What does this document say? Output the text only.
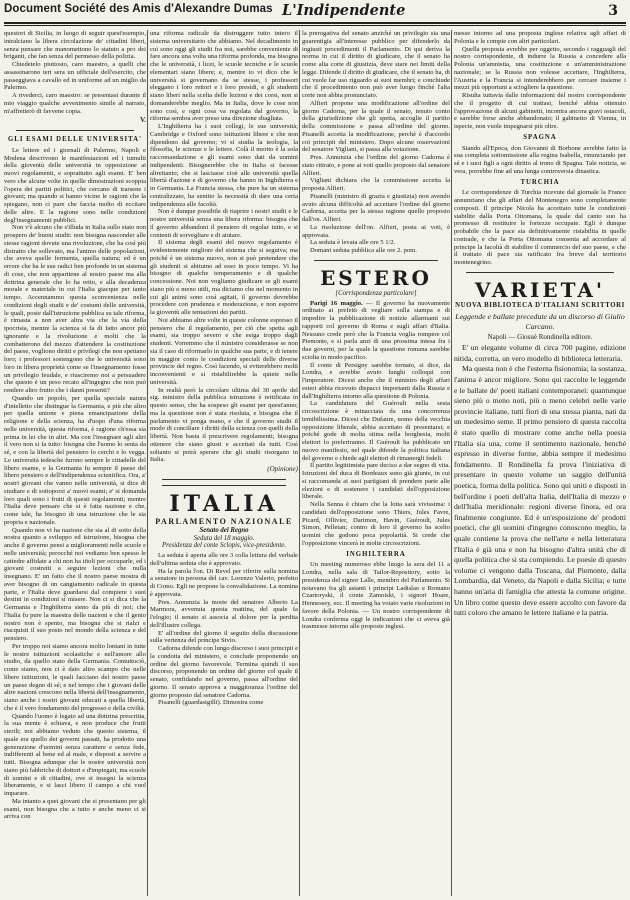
Document Société des Amis d'Alexandre Dumas L'Indipendente	3

questori di Sicilia, in luogo di seguir quest'esempio, intralciano la libera circolazione de' cittadini liberi, senza pensare che manomettono lo statuto a pro dei briganti, che fan senza del permesso della polizia.

Chiedetelo piuttosto, caro maestro, a quelli che assassinarono ieri sera un ufficiale dell'esercito, che passeggiava a cavallo ed in uniforme ad un miglio da Palermo.

A rivederci, caro maestro: se presentasi durante il mio viaggio qualche avvenimento simile al narrato, m'affretterò di favvene copia.

V.
GLI ESAMI DELLE UNIVERSITA'

Le lettere ed i giornali di Palermo, Napoli e Modena descrivono le manifestazioni ed i tumulti della gioventù delle università in opposizione ai nuovi regolamenti, e soprattutto agli esami. E' ben vero che alcune volte in quelle dimostrazioni scoppia l'opera dei partiti politici, che cercano di trarsene i giovani; ma quando si hanno vicine le ragioni che la spiegano, non ci pare che faccia molto di eccitare delle altre. E la ragione sono nelle condizioni degl'insegnamenti pubblici.

Non v'è alcuno che s'illuda in Italia sullo stato non prospero de' buoni studii: non bisogna nasconder alle stesse ragioni dovute una rivoluzione, che ha così più distratto che sollevato, ma l'animo delle popolazioni, che aveva quelle fermenta, quella natura; ed è un errore che ha le sue radici ben profonde in un sistema di cose, che non appartiene al nostro paese ma alla dottrina generale che lo ha retto, e alla decadenza morale e materiale in cui l'Italia giacque per tanto tempo. Accennammo questa sconvenienza nelle condizioni degli studii e de' costumi delle università, le quali, poste dall'istruzione pubblica su tale riforma, è rimasta a non aver altra via che la via della ipocrisia, mentre la scienza si fa di fatto ancor più ignorante e la rivoluzione e molti che la combatterono del mezzo d'attendere la costituzione del paese, vogliono diritti e privilegi che non spettano loro; i professori sostengono che le università sono loro in libera proprietà come se l'insegnamento fosse un privilegio feudale, e riusciremo noi a persuadere che questo è un peso recato all'ingegno che non può rendere altro frutto che i danni presenti?

Quando un popolo, per quella speciale natura d'intelletto che distingue la Germania, e più che altro per quella unione e piena emancipazione della religione e della scienza, ha d'uopo d'una riforma nelle università, questa riforma, è ragione ch'essa sia prima in lei che in altri. Ma con l'insegnare agli altri il vero non si fa tutto: bisogna che l'uomo lo senta da sé, e con la libertà del pensiero lo cerchi e lo vegga. Le università tedesche furono sempre le cittadelle del libero esame, e la Germania fu sempre il paese del libero pensiero e dell'indipendenza scientifica. Ora, a' nostri giovani che vanno nelle università, si dice di studiare e di sottoporsi a' nuovi esami; e' si domanda loro quali sono i frutti di questi regolamenti; mentre l'Italia deve pensare che si è fatta nazione e che, come tale, ha bisogno di una istruzione che le sia propria e nazionale.

Quando non vi ha nazione che sia al di sotto della nostra quanto a sviluppo ed istruzione, bisogna che anche il governo pensi a miglioramenti nelle scuole e nelle università; perocché noi vediamo ben spesso le cattedre affidate a chi non ha titoli per occuparle, ed i giovani costretti a seguire lezioni che nulla insegnano. E' un fatto che il nostro paese mostra di aver bisogno di un cangiamento radicale in questa parte, e l'Italia deve guardarsi dal compiere i suoi destini in condizioni sì misere. Non ci si dica che la Germania e l'Inghilterra sieno da più di noi; che l'Italia fu pure la maestra delle nazioni e che il genio nostro non è spento, ma bisogna che si rialzi e riacquisti il suo posto nel mondo della scienza e del pensiero.

Per troppo noi siamo ancora molto lontani in tutte le nostre istituzioni scolastiche e nell'amore allo studio, da quello stato della Germania. Contuttociò, come siamo, non ci è dato altro scampo che nelle libere istituzioni, le quali facciano del nostro paese un paese degno di sé; e nel tempo che i giovani delle altre nazioni crescono nella libertà dell'insegnamento, siano anche i nostri giovani educati a quella libertà, che è il vero fondamento del progresso e della civiltà.

Quando l'uomo è legato ad una dottrina prescritta, la sua mente è schiava, e non produce che frutti sterili; noi abbiamo veduto che questo sistema, il quale era quello dei governi passati, ha prodotto una generazione d'uomini senza carattere e senza fede, indifferenti al bene ed al male, e disposti a servire a tutti. Bisogna adunque che le nostre università non siano più fabbriche di dottori e d'impiegati, ma scuole di uomini e di cittadini, ove si insegni la scienza liberamente, e si lasci libero il campo a chi vuol imparare.

Ma intanto a quei giovani che si presentano per gli esami, non bisogna che a tutto e anche meno ci si arriva con

una riforma radicale da distruggere tutto intero il sistema universitario che abbiamo. Nel decadimento in cui sono oggi gli studii fra noi, sarebbe conveniente di fare ancora una volta una riforma profonda, ma bisogna che le università, i licei, le scuole tecniche e le scuole elementari siano libere; e, mentre io vi dico che le università si governano da se stesse, i professori eleggano i loro rettori e i loro presidi, e gli studenti siano liberi nella scelta delle lezioni e dei corsi, non si domanderebbe meglio. Ma in Italia, dove le cose non sono così, e ogni cosa va regolata dal governo, la riforma sembra aver preso una direzione sbagliata.

L'Inghilterra ha i suoi collegi, le sue università; Cambridge e Oxford sono istituzioni libere e che non dipendono dal governo; vi si studia la teologia, la filosofia, le scienze e le lettere. Colà il merito è la sola raccomandazione e gli esami sono dati da uomini indipendenti. Bisognerebbe che in Italia si facesse altrettanto; che si lasciasse cioè alle università quella libertà d'azione e di governo che hanno in Inghilterra e in Germania. La Francia stessa, che pure ha un sistema centralizzato, ha sentito la necessità di dare una certa indipendenza alle facoltà.

Non è dunque possibile di riaprire i nostri studii e le nostre università senza una libera riforma: bisogna che il governo abbandoni il pensiero di regolar tutto, e si contenti di sorvegliare e di aiutare.

Il sistema degli esami del nuovo regolamento è evidentemente migliore del sistema che si seguiva; ma poiché è un sistema nuovo, non si può pretendere che gli studenti si abituino ad esso in poco tempo. Vi ha bisogno di qualche temperamento e di qualche concessione. Noi non vogliamo giudicare se gli esami siano più o meno utili, ma diciamo che nel momento in cui gli animi sono così agitati, il governo dovrebbe procedere con prudenza e moderazione, e non esporre la gioventù alle tentazioni dei partiti.

Noi abbiamo altre volte in queste colonne espresso il pensiero che il regolamento, per ciò che spetta agli esami, sia troppo severo e che esiga troppo dagli studenti. Vorremmo che il ministro considerasse se non sia il caso di riformarlo in qualche sua parte, e di tenere in maggior conto le condizioni speciali delle diverse provincie del regno. Così facendo, si eviterebbero molti inconvenienti e si ristabilirebbe la quiete nelle università.

In realtà però la circolare ultima del 30 aprile del sig. ministro della pubblica istruzione è rettificata in questo senso, che ha sospeso gli esami per quest'anno; ma la questione non è stata risoluta, e bisogna che il parlamento vi ponga mano, e che il governo studii il modo di conciliare i diritti della scienza con quelli della libertà. Non basta il prescrivere regolamenti; bisogna ottenere che siano giusti e accettati da tutti. Così soltanto si potrà sperare che gli studii risorgano in Italia.

(Opinione)
ITALIA
PARLAMENTO NAZIONALE
Senato del Regno
Seduta del 18 maggio.
Presidenza del conte Sclopis, vice-presidente.

La seduta è aperta alle ore 3 colla lettura del verbale dell'ultima seduta che è approvato.

Ha la parola l'on. Di Revel per riferire sulla nomina a senatore in persona del cav. Lorenzo Valerio, prefetto di Como. Egli ne propone la convalidazione. La nomina è approvata.

Pres. Annunzia la morte del senatore Alberto La Marmora, avvenuta questa mattina, del quale fa l'elogio; il senato si associa al dolore per la perdita dell'illustre collega.

E' all'ordine del giorno il seguito della discussione sulla vertenza del principe Sivio.

Cadorna difende con lungo discorso i suoi principii e la condotta del ministero, e conclude proponendo un ordine del giorno favorevole. Termina quindi il suo discorso, proponendo un ordine del giorno col quale il senato, confidando nel governo, passa all'ordine del giorno. Il senato approva a maggioranza l'ordine del giorno proposto dal senatore Cadorna.

Pisanelli (guardasigilli). Dimostra come

la prerogativa del senato anziché un privilegio sia una guarentigia all'interesse pubblico per difenderlo da ingiusti procedimenti il Parlamento. Di qui deriva la norma in cui il diritto di giudicare, che il senato ha come alta corte di giustizia, deve stare nei limiti della legge. Difende il diritto di giudicare, che il senato ha, di cui vuole far uso riguardo ai suoi membri; e conchiude che il procedimento non può aver luogo finché l'alta corte non abbia pronunciato.

Alfieri propone una modificazione all'ordine del giorno Cadorna, per la quale il senato, tenuto conto della giurisdizione che gli spetta, accoglie il partito della commissione e passa all'ordine del giorno. Pisanelli accetta la modificazione, perchè è d'accordo coi principii del ministero. Dopo alcune osservazioni del senatore Vigliani, si passa alla votazione.

Pres. Annunzia che l'ordine del giorno Cadorna è stato ritirato, e pone ai voti quello proposto dal senatore Alfieri.

Vigliani dichiara che la commissione accetta la proposta Alfieri.

Pisanelli (ministro di grazia e giustizia) non avendo avuto alcuna difficoltà ad accettare l'ordine del giorno Cadorna, accetta per la stessa ragione quello proposto dall'on. Alfieri.

La risoluzione dell'on. Alfieri, posta ai voti, è approvata.

La seduta è levata alle ore 5 1/2.

Domani seduta pubblica alle ore 2. pom.

ESTERO
[Corrispondenza particolare]

Parigi 16 maggio. — Il governo ha nuovamente ordinato ai prefetti di vegliare sulla stampa e di impedire la pubblicazione di notizie allarmanti sui rapporti col governo di Roma e sugli affari d'Italia. Nessuno crede però che la Francia voglia rompere col Piemonte, e si parla anzi di una prossima intesa fra i due governi, per la quale la questione romana sarebbe sciolta in modo pacifico.

Il conte di Persigny sarebbe tornato, si dice, da Londra, e avrebbe avuto lunghi colloqui con l'imperatore. Dicesi anche che il ministro degli affari esteri abbia ricevuto dispacci importanti dalla Russia e dall'Inghilterra intorno alla questione di Polonia.

La candidatura del Guéroult nella sesta circoscrizione è minacciata da una concorrenza temibilissima. Dicesi che Dufaure, uomo della vecchia opposizione liberale, abbia accettato di presentarsi; e poiché gode di molta stima nella borghesia, molti elettori lo preferiranno. Il Guéroult ha pubblicato un nuovo manifesto, nel quale difende la politica italiana del governo e chiede agli elettori di rimanergli fedeli.

Il partito legittimista pare deciso a dar segno di vita. Istruzioni del duca di Bordeaux sono già giunte, in cui si raccomanda ai suoi partigiani di prendere parte alle elezioni e di sostenere i candidati dell'opposizione liberale.

Nella Senna è chiaro che la lotta sarà vivissima: i candidati dell'opposizione sono Thiers, Jules Favre, Picard, Ollivier, Darimon, Havin, Guéroult, Jules Simon, Pelletan; contro di loro il governo ha scelto uomini che godono poca popolarità. Si crede che l'opposizione vincerà in molte circoscrizioni.

INGHILTERRA

Un meeting numeroso ebbe luogo la sera del 11 a Londra, nella sala di Tailor-Repository, sotto la presidenza del signor Lalle, membro del Parlamento. Si notavano fra gli astanti i principi Ladislao e Romano Czartoryski, il conte Zamoiski, i signori Hoare, Hennessey, ecc. Il meeting ha votato varie risoluzioni in favore della Polonia. — Un nostro corrispondente di Londra conferma oggi le indicazioni che ci aveva già trasmesse intorno alle proposte inglesi.

messe intorno ad una proposta inglese relativa agli affari di Polonia e le compie con altri particolari.

Quella proposta avrebbe per oggetto, secondo i ragguagli del nostro corrispondente, di indurre la Russia a concedere alla Polonia un'amnistia, una costituzione e un'amministrazione nazionale; se la Russia non volesse accettare, l'Inghilterra, l'Austria e la Francia si intenderebbero per cercare insieme i mezzi più opportuni a sciogliere la questione.

Risulta tuttavia dalle informazioni del nostro corrispondente che il progetto di cui trattasi, benché abbia ottenuto l'approvazione di alcuni gabinetti, incontra ancora gravi ostacoli, e sarebbe forse anche abbandonato; il gabinetto di Vienna, in ispecie, non vuole impegnarsi più oltre.

SPAGNA

Stando all'Epoca, don Giovanni di Borbone avrebbe fatto la sua completa sottomissione alla regina Isabella, rinunciando per sé e i suoi figli a ogni diritto al trono di Spagna. Tale notizia, se vera, porrebbe fine ad una lunga controversia dinastica.

TURCHIA

Le corrispondenze di Turchia ricevute dal giornale la France annunziano che gli affari del Montenegro sono completamente composti. Il principe Nicola ha accettato tutte le condizioni stabilite dalla Porta Ottomana, la quale dal canto suo ha promesso di restituire le fortezze occupate. Egli è dunque probabile che la pace sia definitivamente ristabilita in quelle contrade, e che la Porta Ottomana consenta ad accordare al principe la facoltà di stabilire il commercio del suo paese, e che il trattato di pace sia ratificato fra breve dal territorio montenegrino.

VARIETA'
NUOVA BIBLIOTECA D'ITALIANI SCRITTORI
Leggende e ballate precedute da un discorso di Giulio Carcano.
Napoli — Giosuè Rondinella editore.

E' un elegante volume di circa 700 pagine, edizione nitida, corretta, un vero modello di biblioteca letteraria.

Ma questa non è che l'esterna fisionomia; la sostanza, l'anima è ancor migliore. Sono qui raccolte le leggende e le ballate de' poeti italiani contemporanei: quantunque sieno più o meno noti, più o meno celebri nelle varie provincie italiane, tutti fiori di una stessa pianta, nati da un medesimo seme. Il primo pensiero di questa raccolta è stato quello di mostrare come anche nella poesia l'Italia sia una, come il sentimento nazionale, benché espresso in diverse forme, abbia sempre il medesimo fondamento. Il Rondinella fa prova l'iniziativa di presentare in questo volume un saggio dell'unità poetica, forma della politica. Sono qui uniti e disposti in bell'ordine i poeti dell'alta Italia, dell'Italia di mezzo e dell'Italia meridionale: regioni diverse finora, ed ora finalmente congiunte. Ed è un'esposizione de' prodotti poetici, che gli uomini d'ingegno conoscono meglio, la quale contiene la prova che nell'arte e nella letteratura l'Italia è già una e non ha bisogno d'altra unità che di quella politica che si sta compiendo. Le poesie di questo volume ci vengono dalla Toscana, dal Piemonte, dalla Lombardia, dal Veneto, da Napoli e dalla Sicilia; e tutte hanno un'aria di famiglia che attesta la comune origine. Un libro come questo deve essere accolto con favore da tutti coloro che amano le lettere italiane e la patria.
